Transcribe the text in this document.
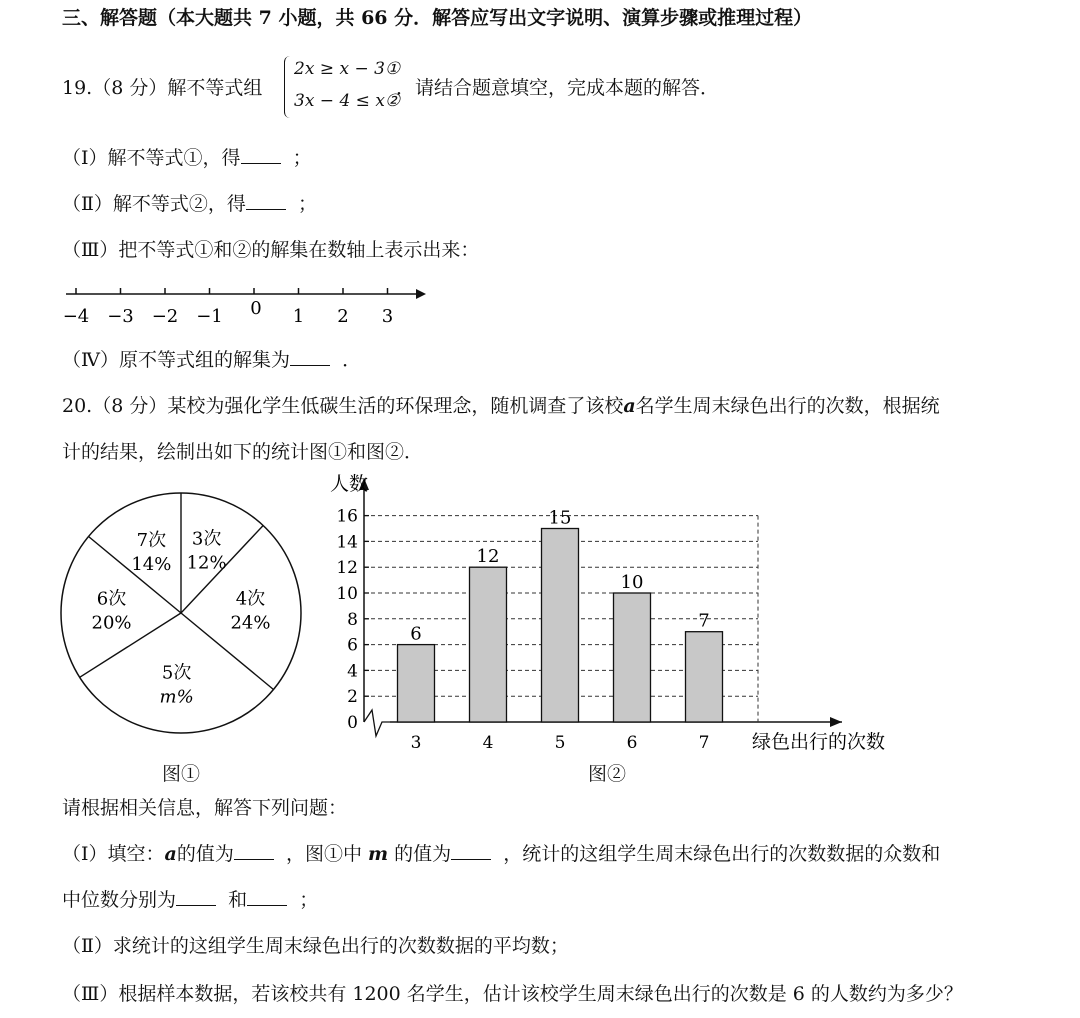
三、解答题（本大题共 7 小题，共 66 分．解答应写出文字说明、演算步骤或推理过程）
19.（8 分）解不等式组
2x ≥ x − 3①
3x − 4 ≤ x②
．请结合题意填空，完成本题的解答．
（Ⅰ）解不等式①，得	；
（Ⅱ）解不等式②，得	；
（Ⅲ）把不等式①和②的解集在数轴上表示出来：
−4 −3 −2 −1 0 1 2 3
（Ⅳ）原不等式组的解集为	．
20.（8 分）某校为强化学生低碳生活的环保理念，随机调查了该校a名学生周末绿色出行的次数，根据统
计的结果，绘制出如下的统计图①和图②．
3次
12%
4次
24%
5次
m%
6次
20%
7次
14%
图①
0
2
4
6
8
10
12
14
16
人数
6
3
12
4
15
5
10
6
7
7 绿色出行的次数
图②
请根据相关信息，解答下列问题：
（Ⅰ）填空：a的值为	，图①中 m 的值为	，统计的这组学生周末绿色出行的次数数据的众数和
中位数分别为	和	；
（Ⅱ）求统计的这组学生周末绿色出行的次数数据的平均数；
（Ⅲ）根据样本数据，若该校共有 1200 名学生，估计该校学生周末绿色出行的次数是 6 的人数约为多少？
